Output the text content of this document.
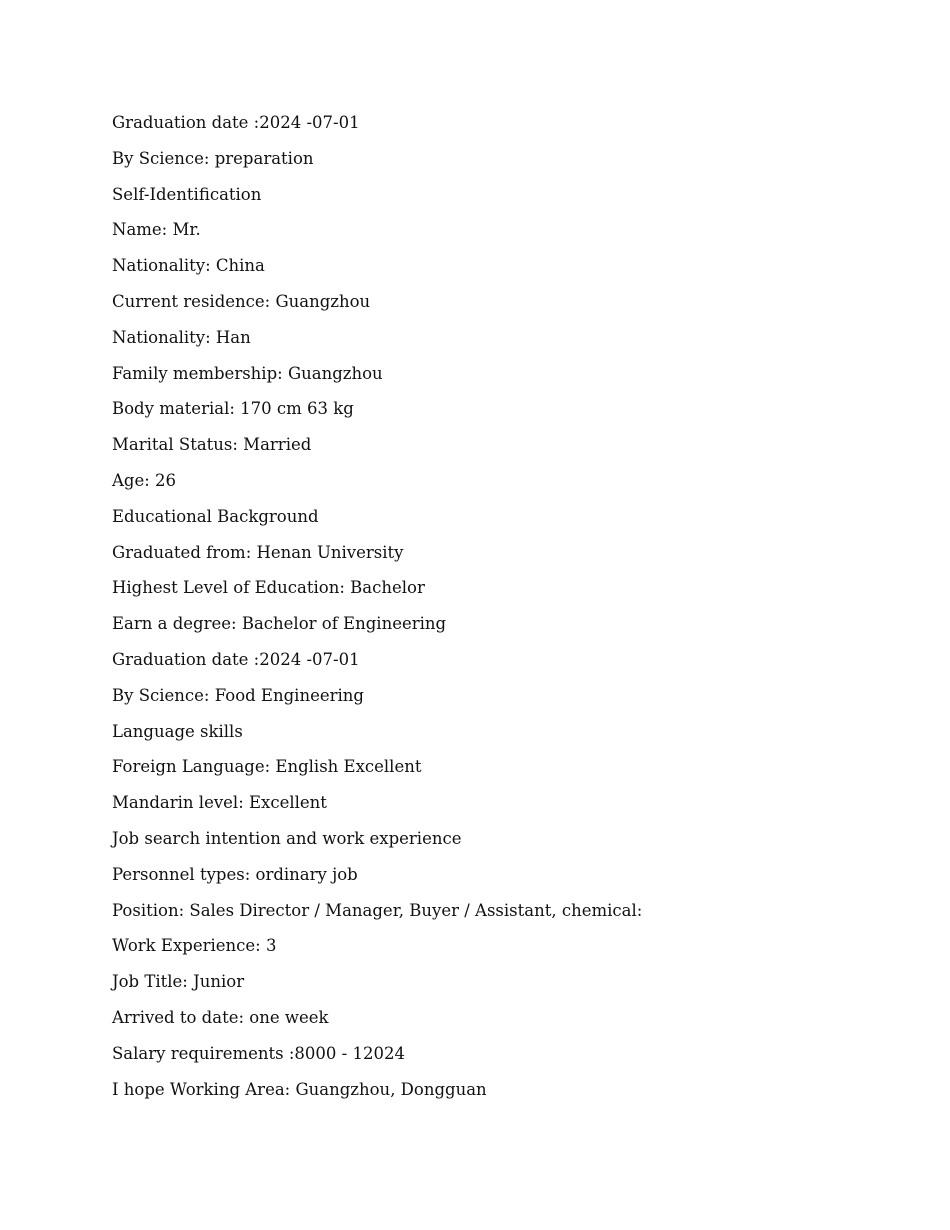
Graduation date :2024 -07-01
By Science: preparation
Self-Identification
Name: Mr.
Nationality: China
Current residence: Guangzhou
Nationality: Han
Family membership: Guangzhou
Body material: 170 cm 63 kg
Marital Status: Married
Age: 26
Educational Background
Graduated from: Henan University
Highest Level of Education: Bachelor
Earn a degree: Bachelor of Engineering
Graduation date :2024 -07-01
By Science: Food Engineering
Language skills
Foreign Language: English Excellent
Mandarin level: Excellent
Job search intention and work experience
Personnel types: ordinary job
Position: Sales Director / Manager, Buyer / Assistant, chemical:
Work Experience: 3
Job Title: Junior
Arrived to date: one week
Salary requirements :8000 - 12024
I hope Working Area: Guangzhou, Dongguan
